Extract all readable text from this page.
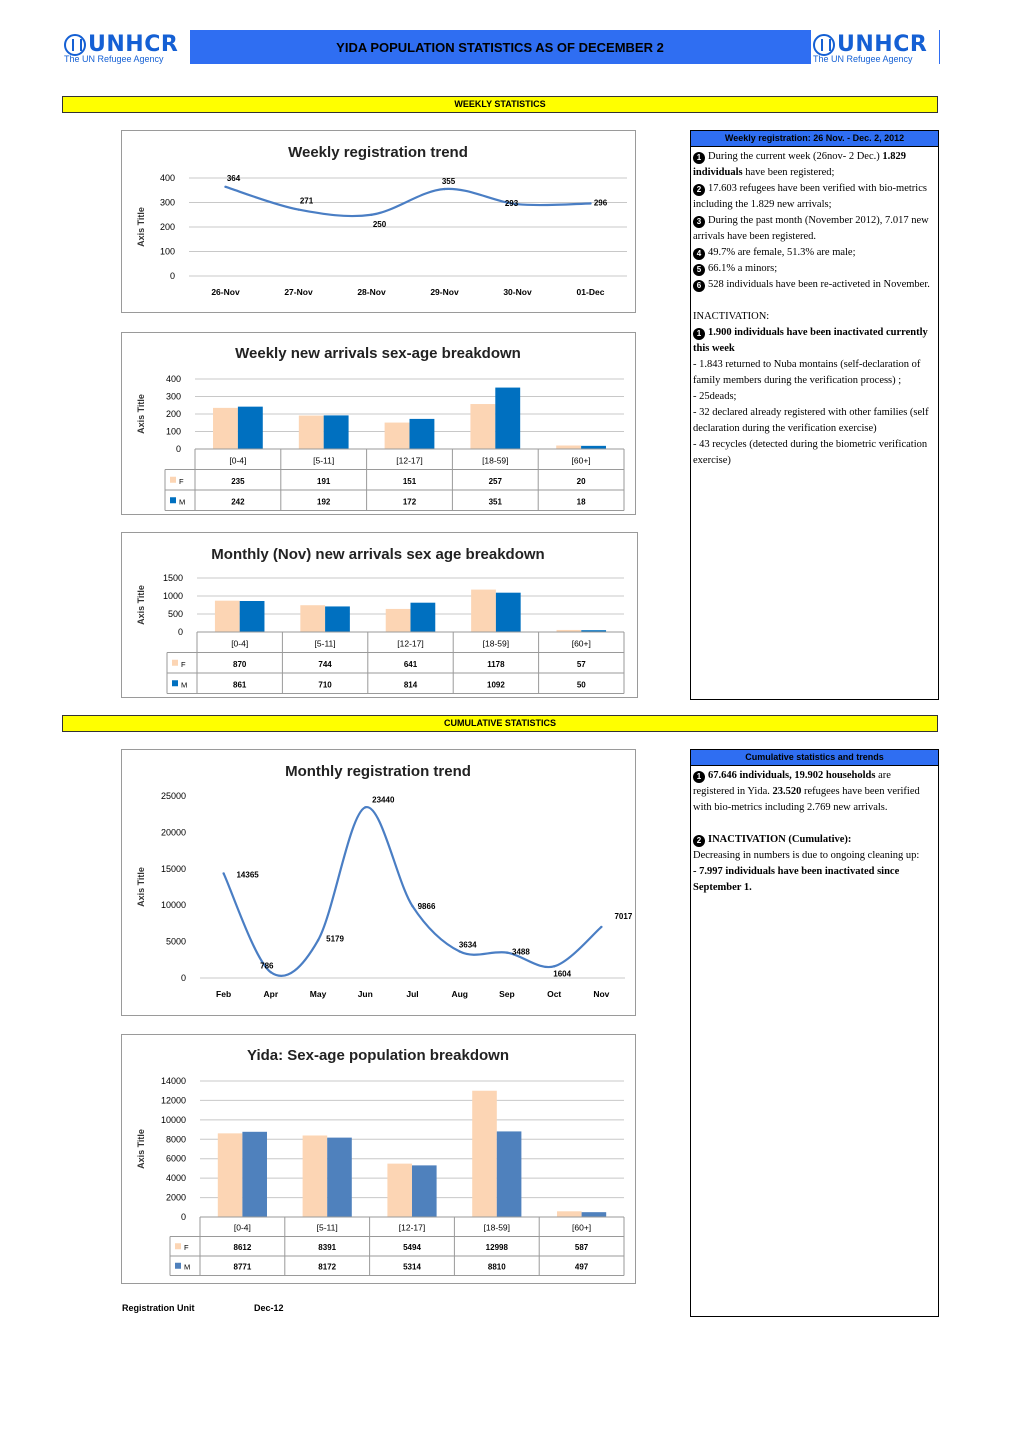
UNHCR
The UN Refugee Agency
UNHCR
The UN Refugee Agency
YIDA POPULATION STATISTICS AS OF DECEMBER 2
WEEKLY STATISTICS
CUMULATIVE STATISTICS
Weekly registration trend
Axis Title
0
100
200
300
400
26-Nov	27-Nov	28-Nov	29-Nov	30-Nov	01-Dec
364
271
250
355
293	296
Weekly new arrivals sex-age breakdown
Axis Title
0
100
200
300
400
[0-4]	[5-11]	[12-17]	[18-59]	[60+]
F	235	191	151	257	20
M	242	192	172	351	18
Monthly (Nov) new arrivals sex age breakdown
Axis Title
0
500
1000
1500
[0-4]	[5-11]	[12-17]	[18-59]	[60+]
F	870	744	641	1178	57
M	861	710	814	1092	50
Monthly registration trend
Axis Title
0
5000
10000
15000
20000
25000
Feb	Apr	May	Jun	Jul	Aug	Sep	Oct	Nov
14365
786
5179
23440
9866
3634
3488
1604
7017
Yida: Sex-age population breakdown
Axis Title
0
2000
4000
6000
8000
10000
12000
14000
[0-4]	[5-11]	[12-17]	[18-59]	[60+]
F	8612	8391	5494	12998	587
M	8771	8172	5314	8810	497
Weekly registration: 26 Nov. - Dec. 2, 2012

1 During the current week (26nov- 2 Dec.) 1.829 individuals have been registered;

2 17.603 refugees have been verified with bio-metrics including the 1.829 new arrivals;

3 During the past month (November 2012), 7.017 new arrivals have been registered.

4 49.7% are female, 51.3% are male;

5 66.1% a minors;

6 528 individuals have been re-activeted in November.

INACTIVATION:

1 1.900 individuals have been inactivated currently this week

- 1.843 returned to Nuba montains (self-declaration of family members during the verification process) ;

- 25deads;

- 32 declared already registered with other families (self declaration during the verification exercise)

- 43 recycles (detected during the biometric verification exercise)

Cumulative statistics and trends

1 67.646 individuals, 19.902 households are registered in Yida. 23.520 refugees have been verified with bio-metrics including 2.769 new arrivals.

2 INACTIVATION (Cumulative):

Decreasing in numbers is due to ongoing cleaning up:

- 7.997 individuals have been inactivated since September 1.

Registration Unit	Dec-12
